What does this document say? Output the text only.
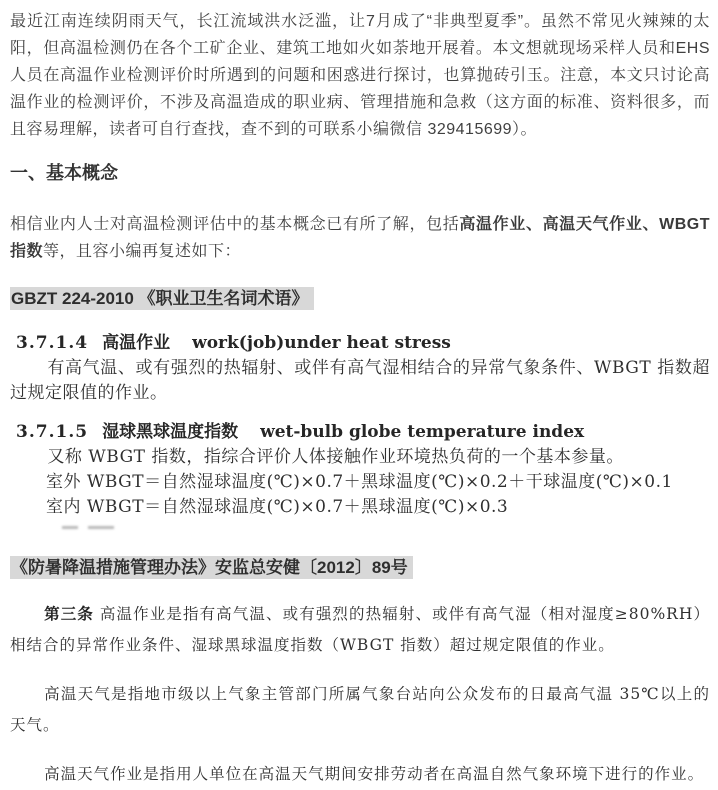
最近江南连续阴雨天气，长江流域洪水泛滥，让7月成了“非典型夏季”。虽然不常见火辣辣的太阳，但高温检测仍在各个工矿企业、建筑工地如火如荼地开展着。本文想就现场采样人员和EHS人员在高温作业检测评价时所遇到的问题和困惑进行探讨，也算抛砖引玉。注意，本文只讨论高温作业的检测评价，不涉及高温造成的职业病、管理措施和急救（这方面的标准、资料很多，而且容易理解，读者可自行查找，查不到的可联系小编微信 329415699）。

一、基本概念

相信业内人士对高温检测评估中的基本概念已有所了解，包括高温作业、高温天气作业、WBGT指数等，且容小编再复述如下：

GBZT 224-2010 《职业卫生名词术语》

3.7.1.4 高温作业 work(job)under heat stress

有高气温、或有强烈的热辐射、或伴有高气湿相结合的异常气象条件、WBGT 指数超过规定限值的作业。

3.7.1.5 湿球黑球温度指数 wet-bulb globe temperature index

又称 WBGT 指数，指综合评价人体接触作业环境热负荷的一个基本参量。

室外 WBGT＝自然湿球温度(℃)×0.7＋黑球温度(℃)×0.2＋干球温度(℃)×0.1

室内 WBGT＝自然湿球温度(℃)×0.7＋黑球温度(℃)×0.3

《防暑降温措施管理办法》安监总安健〔2012〕89号

第三条 高温作业是指有高气温、或有强烈的热辐射、或伴有高气湿（相对湿度≥80%RH）相结合的异常作业条件、湿球黑球温度指数（WBGT 指数）超过规定限值的作业。

高温天气是指地市级以上气象主管部门所属气象台站向公众发布的日最高气温 35℃以上的天气。

高温天气作业是指用人单位在高温天气期间安排劳动者在高温自然气象环境下进行的作业。
